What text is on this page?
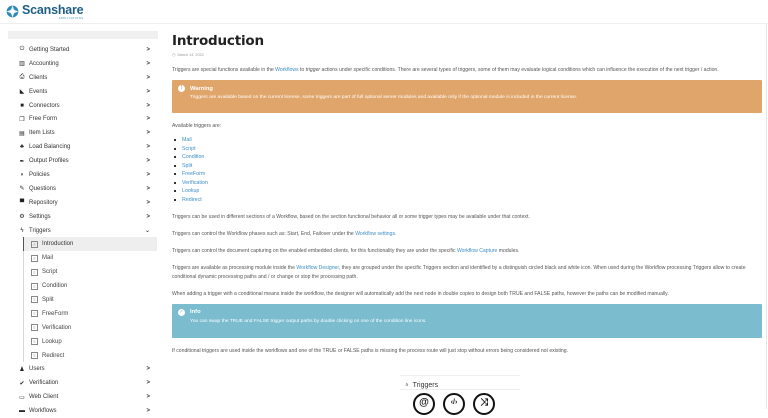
Scanshare
APPLICATIONS
⏻ Getting Started	>
▥ Accounting	>
⎙ Clients	>
◣ Events	>
■ Connectors	>
❐ Free Form	>
▤ Item Lists	>
♣ Load Balancing	>
✒ Output Profiles	>
◗ Policies	>
✎ Questions	>
▀ Repository	>
⚙ Settings	>
ϟ Triggers	⌄
≡	Introduction
≡	Mail
≡	Script
≡	Condition
≡	Split
≡	FreeForm
≡	Verification
≡	Lookup
≡	Redirect
♟ Users	>
✔ Verification	>
▭ Web Client	>
▬ Workflows	>
Introduction
◷ March 14, 2022

Triggers are special functions available in the Workflows to trigger actions under specific conditions. There are several types of triggers, some of them may evaluate logical conditions which can influence the execution of the next trigger / action.

!	Warning
Triggers are available based on the current license, some triggers are part of full optional server modules and available only if the optional module is included in the current license.

Available triggers are:

Mail
Script
Condition
Split
FreeForm
Verification
Lookup
Redirect

Triggers can be used in different sections of a Workflow, based on the section functional behavior all or some trigger types may be available under that context.

Triggers can control the Workflow phases such as: Start, End, Failover under the Workflow settings.

Triggers can control the document capturing on the enabled embedded clients, for this functionality they are under the specific Workflow Capture modules.

Triggers are available as processing module inside the Workflow Designer, they are grouped under the specific Triggers section and identified by a distinguish circled black and white icon. When used during the Workflow processing Triggers allow to create conditional dynamic processing paths and / or change or stop the processing path.

When adding a trigger with a conditional means inside the workflow, the designer will automatically add the next node in double copies to design both TRUE and FALSE paths, however the paths can be modified manually.

✓ Info
You can swap the TRUE and FALSE trigger output paths by double clicking on one of the condition line icons.

If conditional triggers are used inside the workflows and one of the TRUE or FALSE paths is missing the process route will just stop without errors being considered not existing.

∧ Triggers
@	‹/›	⤨
